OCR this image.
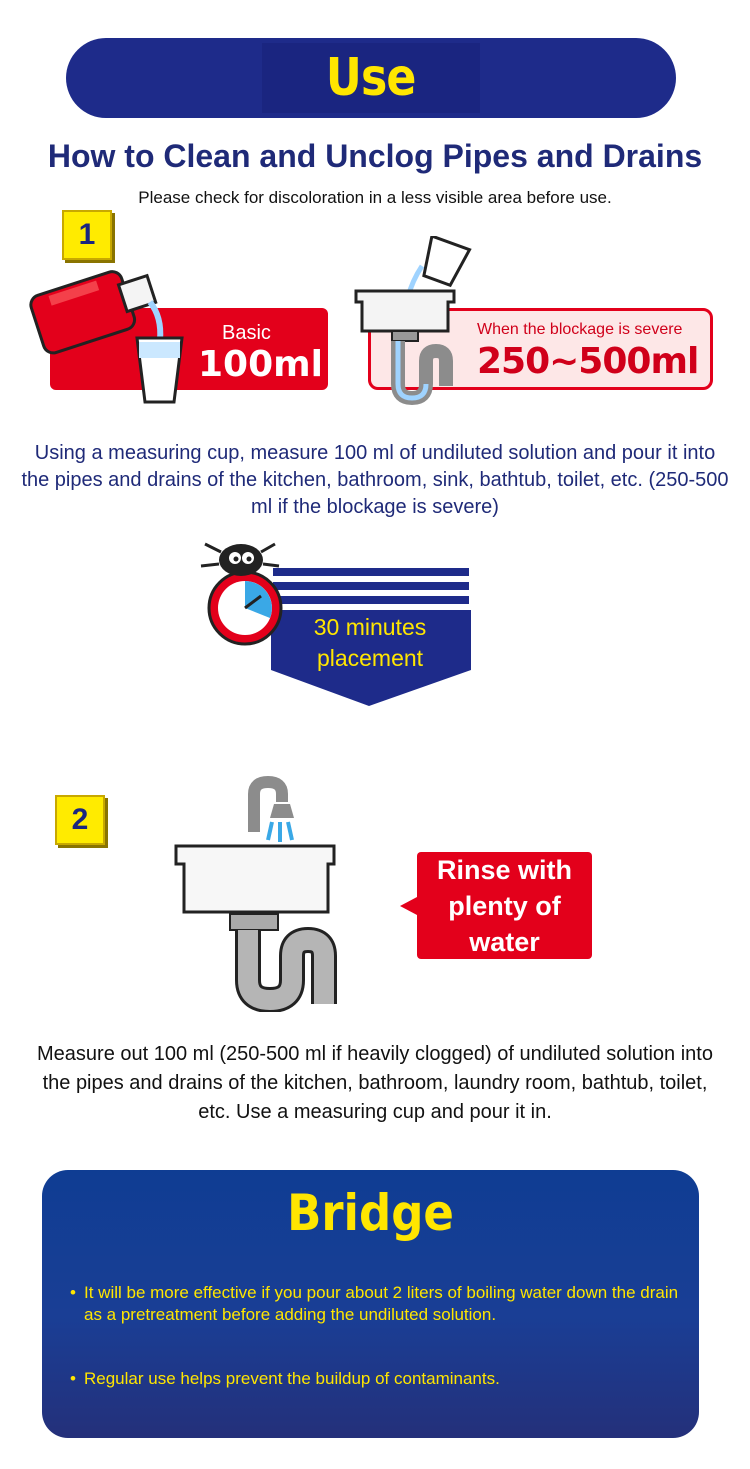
Use
How to Clean and Unclog Pipes and Drains
Please check for discoloration in a less visible area before use.
1
Basic
100ml
When the blockage is severe
250~500ml
Using a measuring cup, measure 100 ml of undiluted solution and pour it into the pipes and drains of the kitchen, bathroom, sink, bathtub, toilet, etc. (250-500 ml if the blockage is severe)
30 minutes
placement
2
Rinse with plenty of water
Measure out 100 ml (250-500 ml if heavily clogged) of undiluted solution into the pipes and drains of the kitchen, bathroom, laundry room, bathtub, toilet, etc. Use a measuring cup and pour it in.
Bridge
• It will be more effective if you pour about 2 liters of boiling water down the drain as a pretreatment before adding the undiluted solution.
• Regular use helps prevent the buildup of contaminants.
